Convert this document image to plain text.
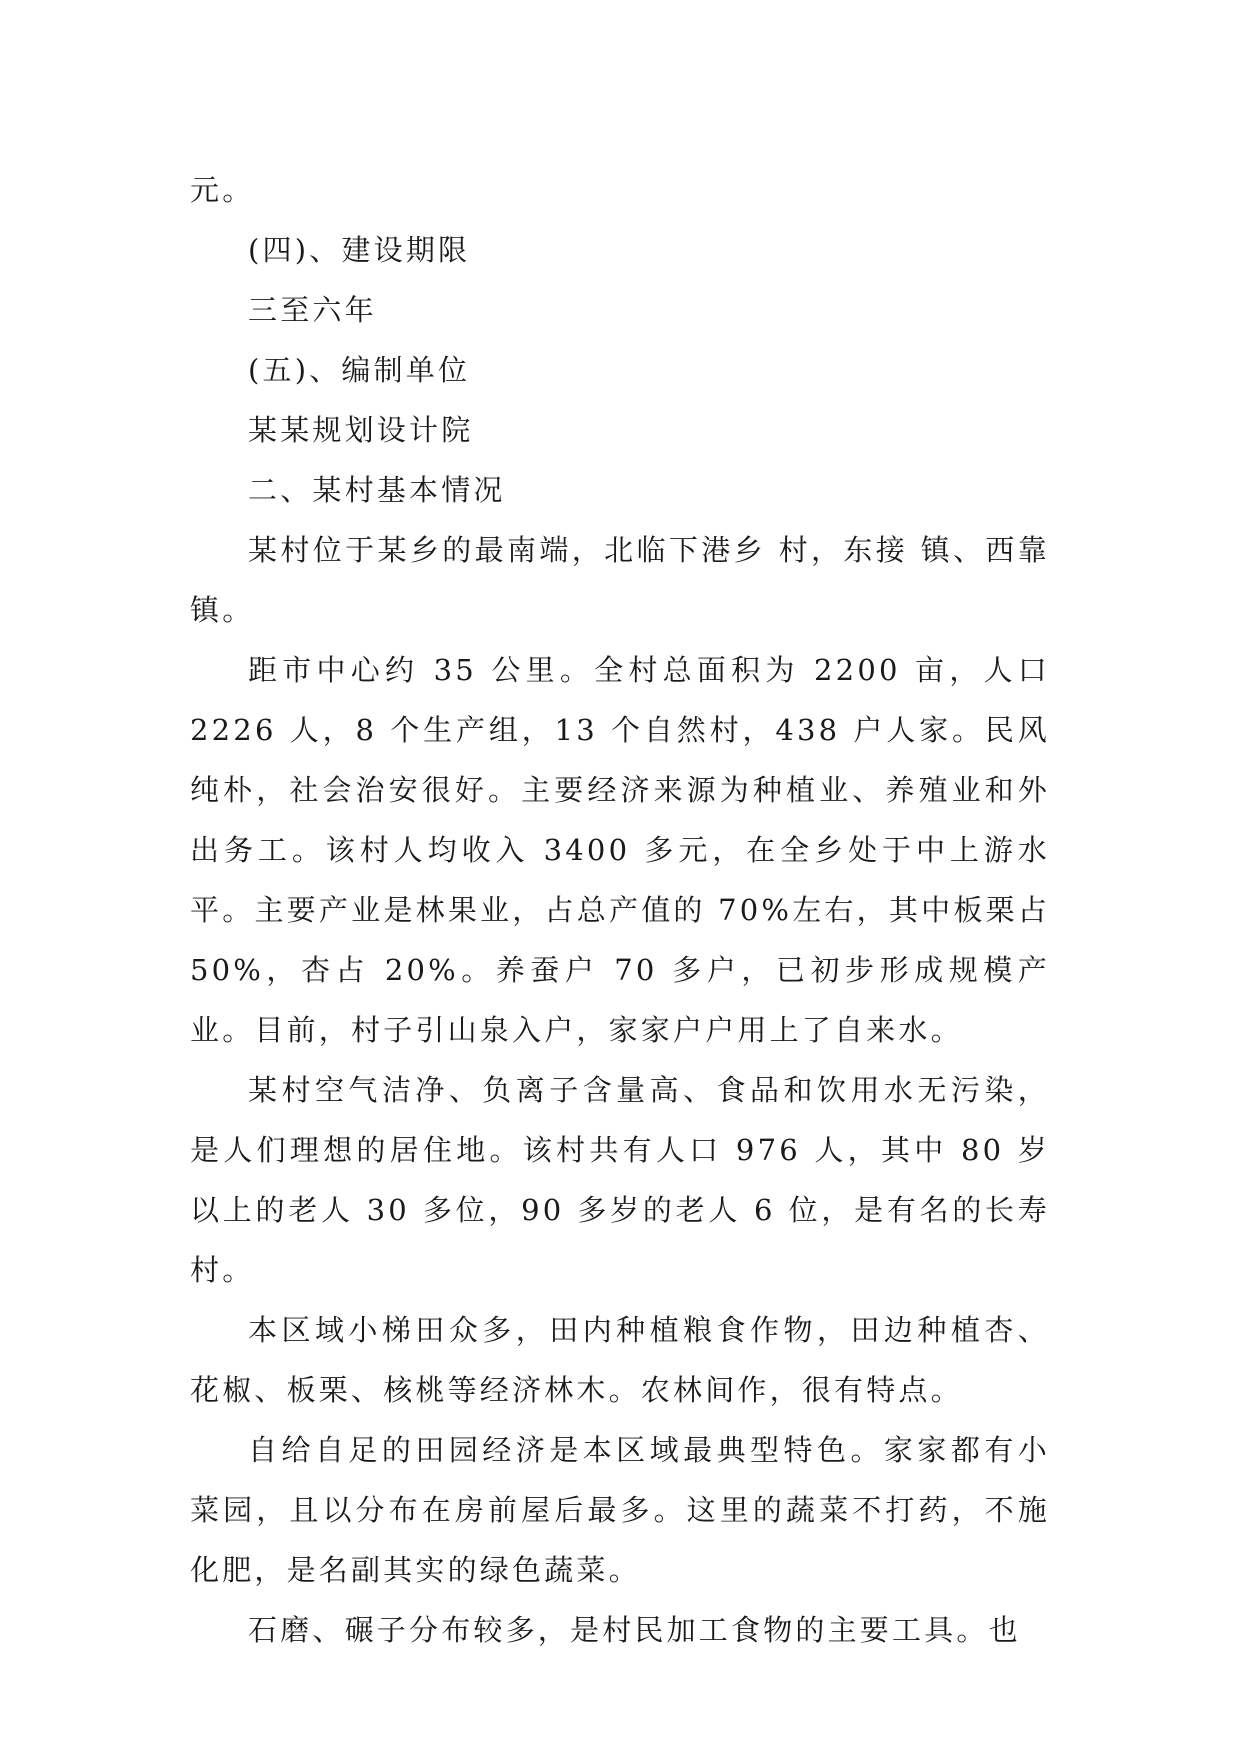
元。

(四)、建设期限

三至六年

(五)、编制单位

某某规划设计院

二、某村基本情况

某村位于某乡的最南端，北临下港乡 村，东接 镇、西靠 镇。

距市中心约 35 公里。全村总面积为 2200 亩，人口 2226 人，8 个生产组，13 个自然村，438 户人家。民风纯朴，社会治安很好。主要经济来源为种植业、养殖业和外出务工。该村人均收入 3400 多元，在全乡处于中上游水平。主要产业是林果业，占总产值的 70%左右，其中板栗占 50%，杏占 20%。养蚕户 70 多户，已初步形成规模产业。目前，村子引山泉入户，家家户户用上了自来水。

某村空气洁净、负离子含量高、食品和饮用水无污染，是人们理想的居住地。该村共有人口 976 人，其中 80 岁以上的老人 30 多位，90 多岁的老人 6 位，是有名的长寿村。

本区域小梯田众多，田内种植粮食作物，田边种植杏、花椒、板栗、核桃等经济林木。农林间作，很有特点。

自给自足的田园经济是本区域最典型特色。家家都有小菜园，且以分布在房前屋后最多。这里的蔬菜不打药，不施化肥，是名副其实的绿色蔬菜。

石磨、碾子分布较多，是村民加工食物的主要工具。也
